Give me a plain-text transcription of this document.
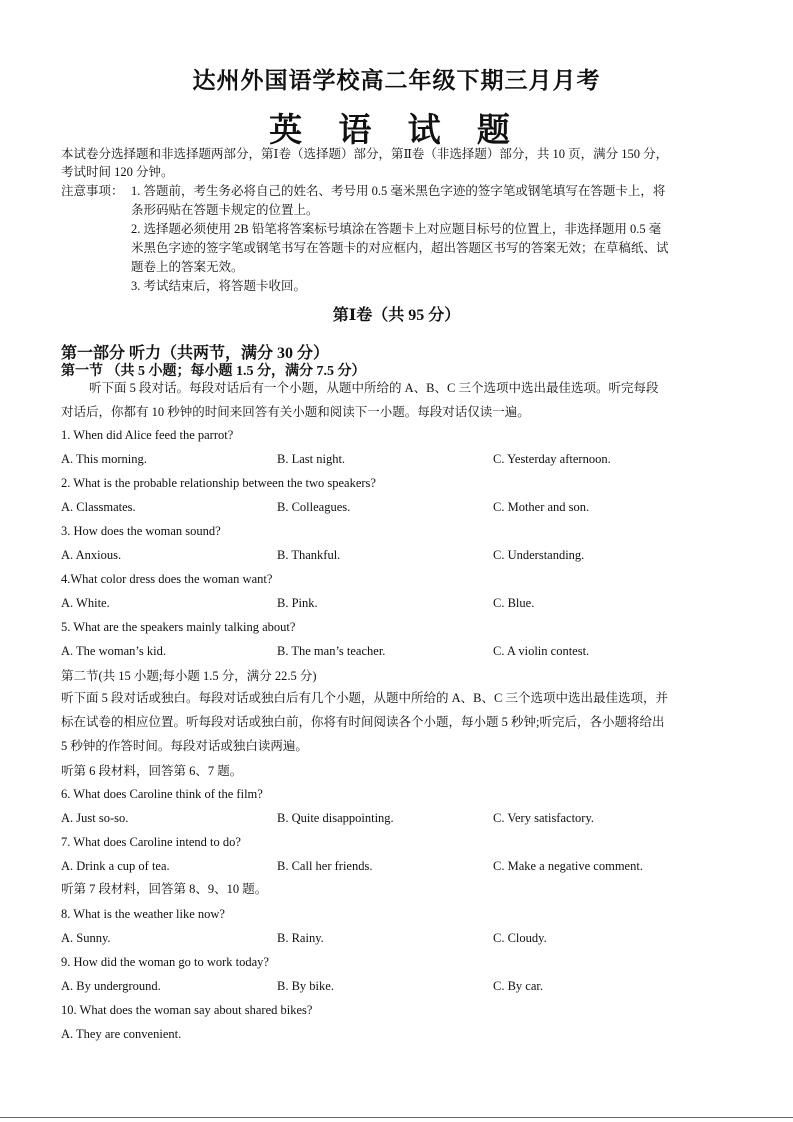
达州外国语学校高二年级下期三月月考
英 语 试 题
本试卷分选择题和非选择题两部分，第Ⅰ卷（选择题）部分，第Ⅱ卷（非选择题）部分，共 10 页，满分 150 分，
考试时间 120 分钟。
注意事项： 1. 答题前，考生务必将自己的姓名、考号用 0.5 毫米黑色字迹的签字笔或钢笔填写在答题卡上，将
条形码贴在答题卡规定的位置上。
2. 选择题必须使用 2B 铅笔将答案标号填涂在答题卡上对应题目标号的位置上，非选择题用 0.5 毫
米黑色字迹的签字笔或钢笔书写在答题卡的对应框内，超出答题区书写的答案无效；在草稿纸、试
题卷上的答案无效。
3. 考试结束后，将答题卡收回。
第Ⅰ卷（共 95 分）
第一部分 听力（共两节，满分 30 分）
第一节 （共 5 小题；每小题 1.5 分，满分 7.5 分）
听下面 5 段对话。每段对话后有一个小题，从题中所给的 A、B、C 三个选项中选出最佳选项。听完每段
对话后，你都有 10 秒钟的时间来回答有关小题和阅读下一小题。每段对话仅读一遍。
1. When did Alice feed the parrot?
A. This morning.	B. Last night.	C. Yesterday afternoon.
2. What is the probable relationship between the two speakers?
A. Classmates.	B. Colleagues.	C. Mother and son.
3. How does the woman sound?
A. Anxious.	B. Thankful.	C. Understanding.
4.What color dress does the woman want?
A. White.	B. Pink.	C. Blue.
5. What are the speakers mainly talking about?
A. The woman’s kid.	B. The man’s teacher.	C. A violin contest.
第二节(共 15 小题;每小题 1.5 分，满分 22.5 分)
听下面 5 段对话或独白。每段对话或独白后有几个小题，从题中所给的 A、B、C 三个选项中选出最佳选项，并
标在试卷的相应位置。听每段对话或独白前，你将有时间阅读各个小题，每小题 5 秒钟;听完后，各小题将给出
5 秒钟的作答时间。每段对话或独白读两遍。
听第 6 段材料，回答第 6、7 题。
6. What does Caroline think of the film?
A. Just so-so.	B. Quite disappointing.	C. Very satisfactory.
7. What does Caroline intend to do?
A. Drink a cup of tea.	B. Call her friends.	C. Make a negative comment.
听第 7 段材料，回答第 8、9、10 题。
8. What is the weather like now?
A. Sunny.	B. Rainy.	C. Cloudy.
9. How did the woman go to work today?
A. By underground.	B. By bike.	C. By car.
10. What does the woman say about shared bikes?
A. They are convenient.
